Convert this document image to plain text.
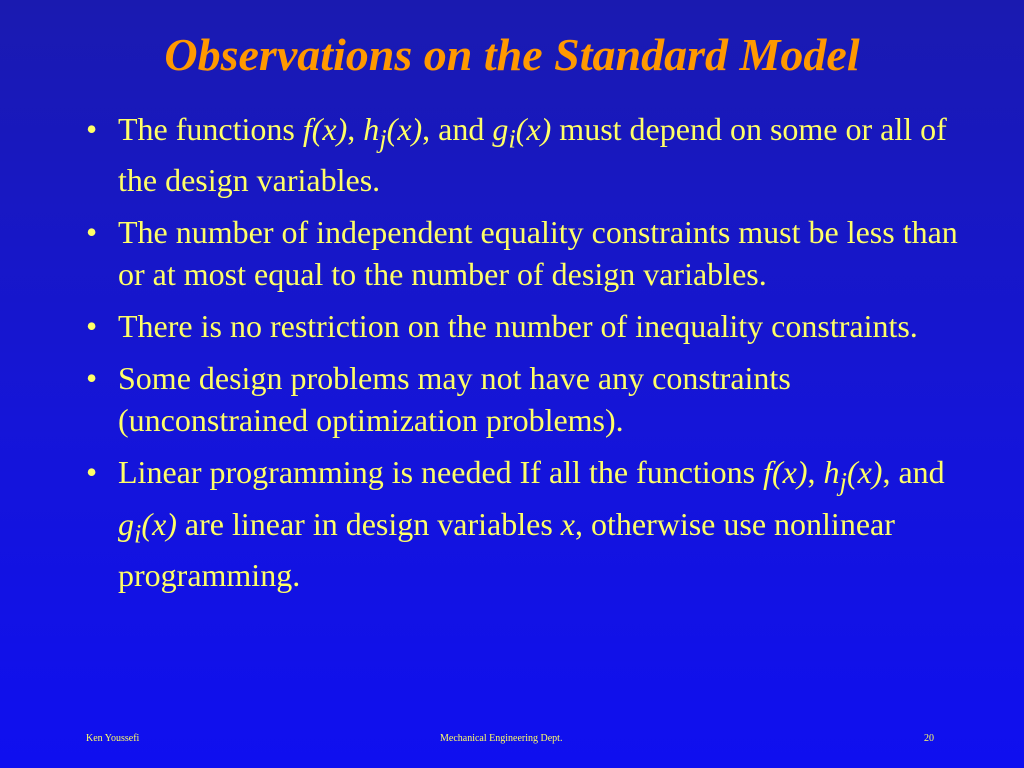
Observations on the Standard Model
• The functions f(x), $h_j(x)$, and $g_i(x)$ must depend on some or all of the design variables.
• The number of independent equality constraints must be less than or at most equal to the number of design variables.
• There is no restriction on the number of inequality constraints.
• Some design problems may not have any constraints (unconstrained optimization problems).
• Linear programming is needed If all the functions f(x), $h_j(x)$, and $g_i(x)$ are linear in design variables x, otherwise use nonlinear programming.
Ken Youssefi	Mechanical Engineering Dept.	20
